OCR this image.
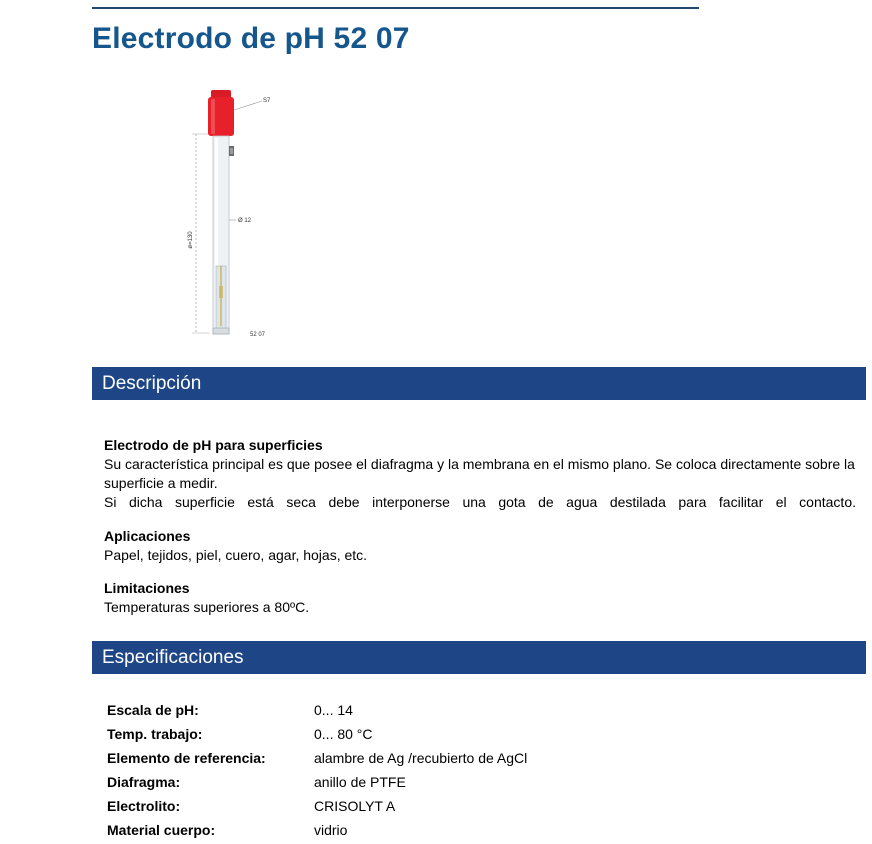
Electrodo de pH 52 07
ø=130
S7
Ø 12
52 07
Descripción
Electrodo de pH para superficies

Su característica principal es que posee el diafragma y la membrana en el mismo plano. Se coloca directamente sobre la superficie a medir.

Si dicha superficie está seca debe interponerse una gota de agua destilada para facilitar el contacto.

Aplicaciones

Papel, tejidos, piel, cuero, agar, hojas, etc.

Limitaciones

Temperaturas superiores a 80ºC.

Especificaciones
Escala de pH:	0... 14
Temp. trabajo:	0... 80 °C
Elemento de referencia:	alambre de Ag /recubierto de AgCl
Diafragma:	anillo de PTFE
Electrolito:	CRISOLYT A
Material cuerpo:	vidrio
